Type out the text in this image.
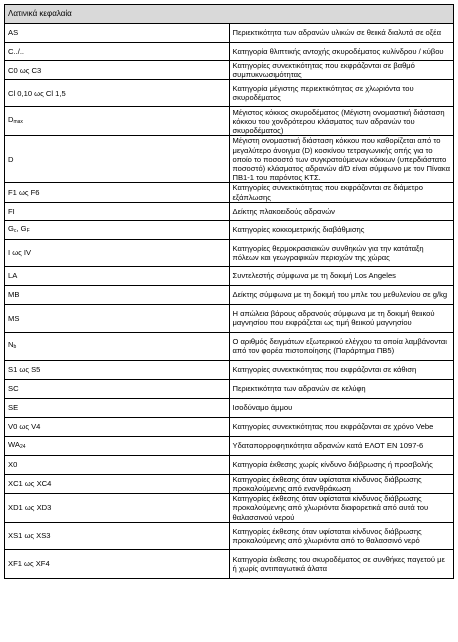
Λατινικά κεφαλαία	
AS	Περιεκτικότητα των αδρανών υλικών σε θειικά διαλυτά σε οξέα
C../..	Κατηγορία θλιπτικής αντοχής σκυροδέματος κυλίνδρου / κύβου
C0 ως C3	Κατηγορίες συνεκτικότητας που εκφράζονται σε βαθμό συμπυκνωσιμότητας
Cl 0,10 ως Cl 1,5	Κατηγορία μέγιστης περιεκτικότητας σε χλωριόντα του σκυροδέματος
$D_{max}$	Μέγιστος κόκκος σκυροδέματος (Μέγιστη ονομαστική διάσταση κόκκου του χονδρότερου κλάσματος των αδρανών του σκυροδέματος)
D	Μέγιστη ονομαστική διάσταση κόκκου που καθορίζεται από το μεγαλύτερο άνοιγμα (D) κοσκίνου τετραγωνικής οπής για το οποίο το ποσοστό των συγκρατούμενων κόκκων (υπερδιάστατο ποσοστό) κλάσματος αδρανών d/D είναι σύμφωνο με τον Πίνακα ΠΒ1-1 του παρόντος ΚΤΣ.
F1 ως F6	Κατηγορίες συνεκτικότητας που εκφράζονται σε διάμετρο εξάπλωσης
FI	Δείκτης πλακοειδούς αδρανών
$G_c$, $G_F$	Κατηγορίες κοκκομετρικής διαβάθμισης
I ως IV	Κατηγορίες θερμοκρασιακών συνθηκών για την κατάταξη πόλεων και γεωγραφικών περιοχών της χώρας
LA	Συντελεστής σύμφωνα με τη δοκιμή Los Angeles
MB	Δείκτης σύμφωνα με τη δοκιμή του μπλε του μεθυλενίου σε g/kg
MS	Η απώλεια βάρους αδρανούς σύμφωνα με τη δοκιμή θειικού μαγνησίου που εκφράζεται ως τιμή θειικού μαγνησίου
$N_b$	Ο αριθμός δειγμάτων εξωτερικού ελέγχου τα οποία λαμβάνονται από τον φορέα πιστοποίησης (Παράρτημα ΠΒ5)
S1 ως S5	Κατηγορίες συνεκτικότητας που εκφράζονται σε κάθιση
SC	Περιεκτικότητα των αδρανών σε κελύφη
SE	Ισοδύναμο άμμου
V0 ως V4	Κατηγορίες συνεκτικότητας που εκφράζονται σε χρόνο Vebe
$WA_{24}$	Υδαταπορροφητικότητα αδρανών κατά ΕΛΟΤ ΕΝ 1097-6
X0	Κατηγορία έκθεσης χωρίς κίνδυνο διάβρωσης ή προσβολής
XC1 ως XC4	Κατηγορίες έκθεσης όταν υφίσταται κίνδυνος διάβρωσης προκαλούμενης από ενανθράκωση
XD1 ως XD3	Κατηγορίες έκθεσης όταν υφίσταται κίνδυνος διάβρωσης προκαλούμενης από χλωριόντα διαφορετικά από αυτά του θαλασσινού νερού
XS1 ως XS3	Κατηγορίες έκθεσης όταν υφίσταται κίνδυνος διάβρωσης προκαλούμενης από χλωριόντα από το θαλασσινό νερό
XF1 ως XF4	Κατηγορία έκθεσης του σκυροδέματος σε συνθήκες παγετού με ή χωρίς αντιπαγωτικά άλατα
